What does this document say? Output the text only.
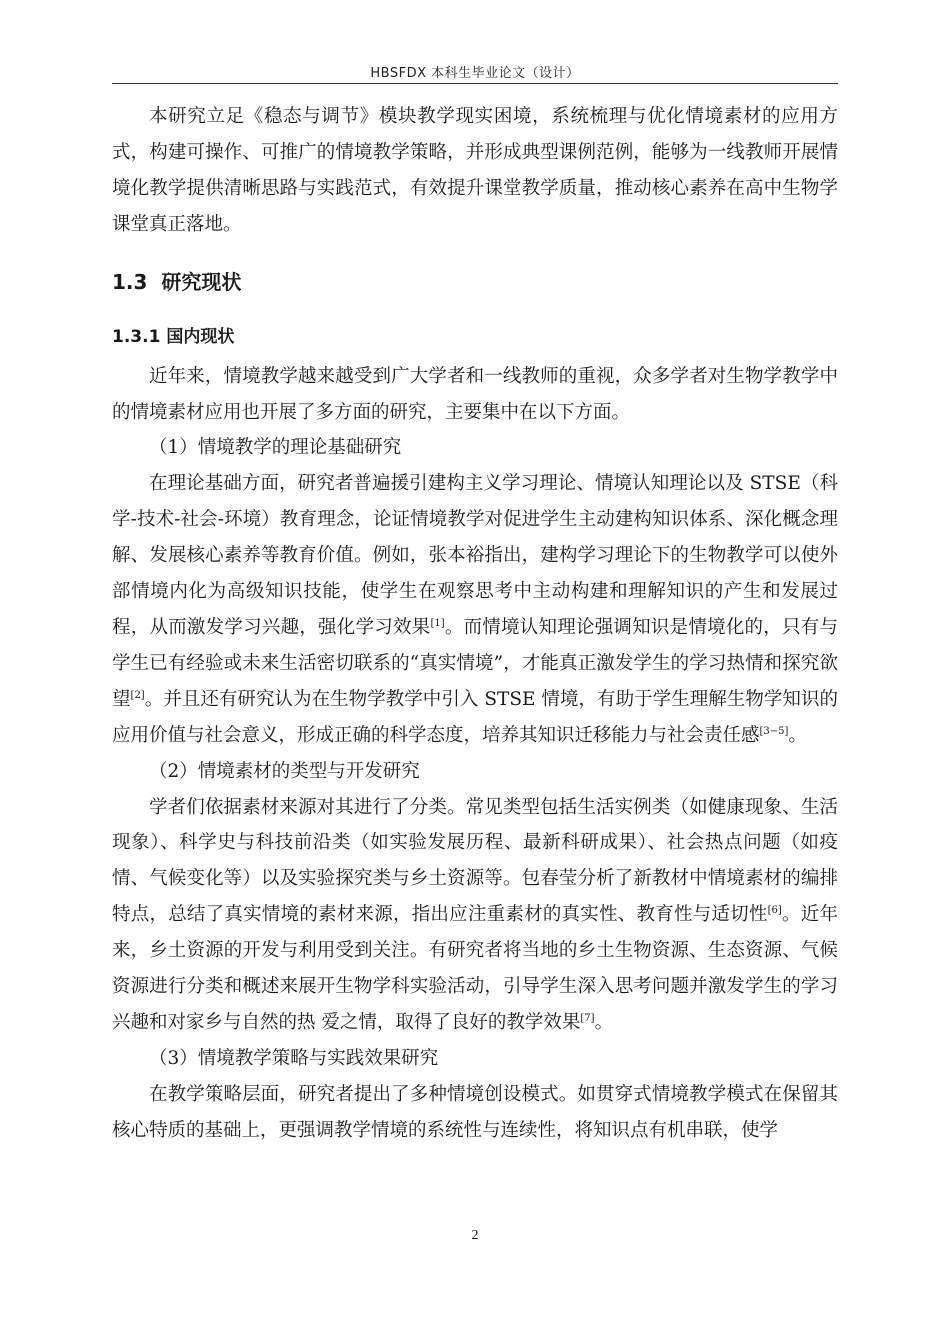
HBSFDX 本科生毕业论文（设计）

本研究立足《稳态与调节》模块教学现实困境，系统梳理与优化情境素材的应用方式，构建可操作、可推广的情境教学策略，并形成典型课例范例，能够为一线教师开展情境化教学提供清晰思路与实践范式，有效提升课堂教学质量，推动核心素养在高中生物学课堂真正落地。

1.3 研究现状
1.3.1 国内现状

近年来，情境教学越来越受到广大学者和一线教师的重视，众多学者对生物学教学中的情境素材应用也开展了多方面的研究，主要集中在以下方面。

（1）情境教学的理论基础研究

在理论基础方面，研究者普遍援引建构主义学习理论、情境认知理论以及 STSE（科学-技术-社会-环境）教育理念，论证情境教学对促进学生主动建构知识体系、深化概念理解、发展核心素养等教育价值。例如，张本裕指出，建构学习理论下的生物教学可以使外部情境内化为高级知识技能，使学生在观察思考中主动构建和理解知识的产生和发展过程，从而激发学习兴趣，强化学习效果[1]。而情境认知理论强调知识是情境化的，只有与学生已有经验或未来生活密切联系的“真实情境”，才能真正激发学生的学习热情和探究欲望[2]。并且还有研究认为在生物学教学中引入 STSE 情境，有助于学生理解生物学知识的应用价值与社会意义，形成正确的科学态度，培养其知识迁移能力与社会责任感[3−5]。

（2）情境素材的类型与开发研究

学者们依据素材来源对其进行了分类。常见类型包括生活实例类（如健康现象、生活现象）、科学史与科技前沿类（如实验发展历程、最新科研成果）、社会热点问题（如疫情、气候变化等）以及实验探究类与乡土资源等。包春莹分析了新教材中情境素材的编排特点，总结了真实情境的素材来源，指出应注重素材的真实性、教育性与适切性[6]。近年来，乡土资源的开发与利用受到关注。有研究者将当地的乡土生物资源、生态资源、气候资源进行分类和概述来展开生物学科实验活动，引导学生深入思考问题并激发学生的学习兴趣和对家乡与自然的热 爱之情，取得了良好的教学效果[7]。

（3）情境教学策略与实践效果研究

在教学策略层面，研究者提出了多种情境创设模式。如贯穿式情境教学模式在保留其核心特质的基础上，更强调教学情境的系统性与连续性，将知识点有机串联，使学

2
